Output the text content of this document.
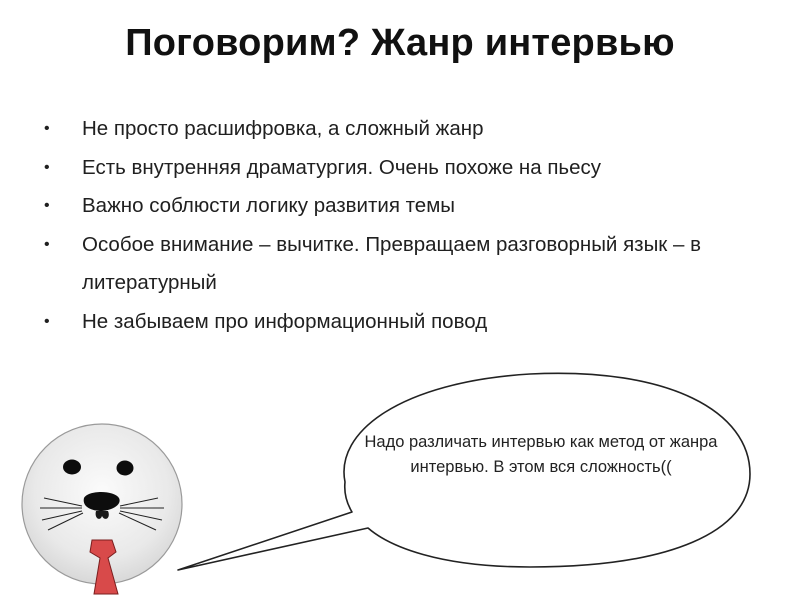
Поговорим? Жанр интервью
• Не просто расшифровка, а сложный жанр
• Есть внутренняя драматургия. Очень похоже на пьесу
• Важно соблюсти логику развития темы
• Особое внимание – вычитке. Превращаем разговорный язык – в литературный
• Не забываем про информационный повод

Надо различать интервью как метод от жанра интервью. В этом вся сложность((
